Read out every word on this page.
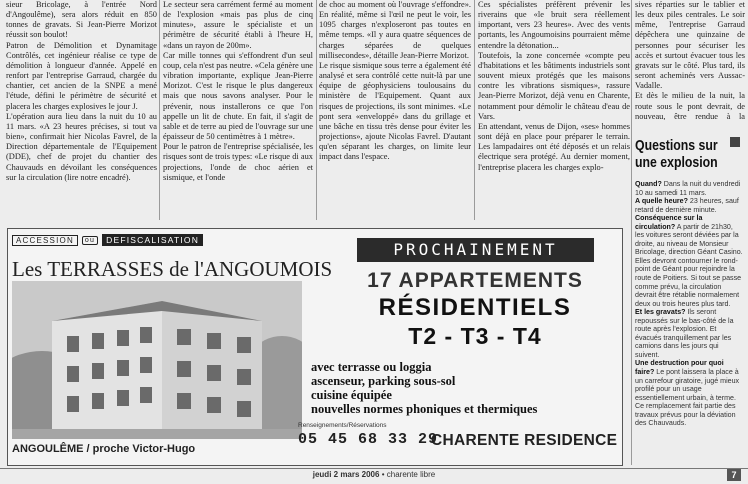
sieur Bricolage, à l'entrée Nord d'Angoulême), sera alors réduit en 850 tonnes de gravats. Si Jean-Pierre Morizot réussit son boulot!
Patron de Démolition et Dynamitage Contrôlés, cet ingénieur réalise ce type de démolition à longueur d'année. Appelé en renfort par l'entreprise Garraud, chargée du chantier, cet ancien de la SNPE a mené l'étude, défini le périmètre de sécurité et placera les charges explosives le jour J.
L'opération aura lieu dans la nuit du 10 au 11 mars. «A 23 heures précises, si tout va bien», confirmait hier Nicolas Favrel, de la Direction départementale de l'Equipement (DDE), chef de projet du chantier des Chauvauds en dévoilant les conséquences sur la circulation (lire notre encadré).

Le secteur sera carrément fermé au moment de l'explosion «mais pas plus de cinq minutes», assure le spécialiste et un périmètre de sécurité établi à l'heure H, «dans un rayon de 200m».
Car mille tonnes qui s'effondrent d'un seul coup, cela n'est pas neutre. «Cela génère une vibration importante, explique Jean-Pierre Morizot. C'est le risque le plus dangereux mais que nous savons analyser. Pour le prévenir, nous installerons ce que l'on appelle un lit de chute. En fait, il s'agit de sable et de terre au pied de l'ouvrage sur une épaisseur de 50 centimètres à 1 mètre».
Pour le patron de l'entreprise spécialisée, les risques sont de trois types: «Le risque di aux projections, l'onde de choc aérien et sismique, et l'onde

de choc au moment où l'ouvrage s'effondre». En réalité, même si l'œil ne peut le voir, les 1095 charges n'exploseront pas toutes en même temps. «Il y aura quatre séquences de charges séparées de quelques millisecondes», détaille Jean-Pierre Morizot.
Le risque sismique sous terre a également été analysé et sera contrôlé cette nuit-là par une équipe de géophysiciens toulousains du ministère de l'Equipement. Quant aux risques de projections, ils sont minimes. «Le pont sera «enveloppé» dans du grillage et une bâche en tissu très dense pour éviter les projections», ajoute Nicolas Favrel. D'autant qu'en séparant les charges, on limite leur impact dans l'espace.

Ces spécialistes préfèrent prévenir les riverains que «le bruit sera réellement important, vers 23 heures». Avec des vents portants, les Angoumoisins pourraient même entendre la détonation...
Toutefois, la zone concernée «compte peu d'habitations et les bâtiments industriels sont souvent mieux protégés que les maisons contre les vibrations sismiques», rassure Jean-Pierre Morizot, déjà venu en Charente, notamment pour démolir le château d'eau de Vars.
En attendant, venus de Dijon, «ses» hommes sont déjà en place pour préparer le terrain. Les lampadaires ont été déposés et un relais électrique sera protégé. Au dernier moment, l'entreprise placera les charges explo-

sives réparties sur le tablier et les deux piles centrales. Le soir même, l'entreprise Garraud dépêchera une quinzaine de personnes pour sécuriser les accès et surtout évacuer tous les gravats sur le côté. Plus tard, ils seront acheminés vers Aussac-Vadalle.
Et dès le milieu de la nuit, la route sous le pont devrait, de nouveau, être rendue à la

Questions sur une explosion

Quand? Dans la nuit du vendredi 10 au samedi 11 mars.

A quelle heure? 23 heures, sauf retard de dernière minute.

Conséquence sur la circulation? A partir de 21h30, les voitures seront déviées par la droite, au niveau de Monsieur Bricolage, direction Géant Casino. Elles devront contourner le rond-point de Géant pour rejoindre la route de Poitiers. Si tout se passe comme prévu, la circulation devrait être rétablie normalement deux ou trois heures plus tard.

Et les gravats? Ils seront repoussés sur le bas-côté de la route après l'explosion. Et évacués tranquillement par les camions dans les jours qui suivent.

Une destruction pour quoi faire? Le pont laissera la place à un carrefour giratoire, jugé mieux profilé pour un usage essentiellement urbain, à terme. Ce remplacement fait partie des travaux prévus pour la déviation des Chauvauds.

ACCESSION	ou	DEFISCALISATION
Les TERRASSES de l'ANGOUMOIS
ANGOULÊME / proche Victor-Hugo
PROCHAINEMENT
17 APPARTEMENTS
RÉSIDENTIELS
T2 - T3 - T4
avec terrasse ou loggia
ascenseur, parking sous-sol
cuisine équipée
nouvelles normes phoniques et thermiques
Renseignements/Réservations
05 45 68 33 29
CHARENTE RESIDENCE
jeudi 2 mars 2006 • charente libre	7
